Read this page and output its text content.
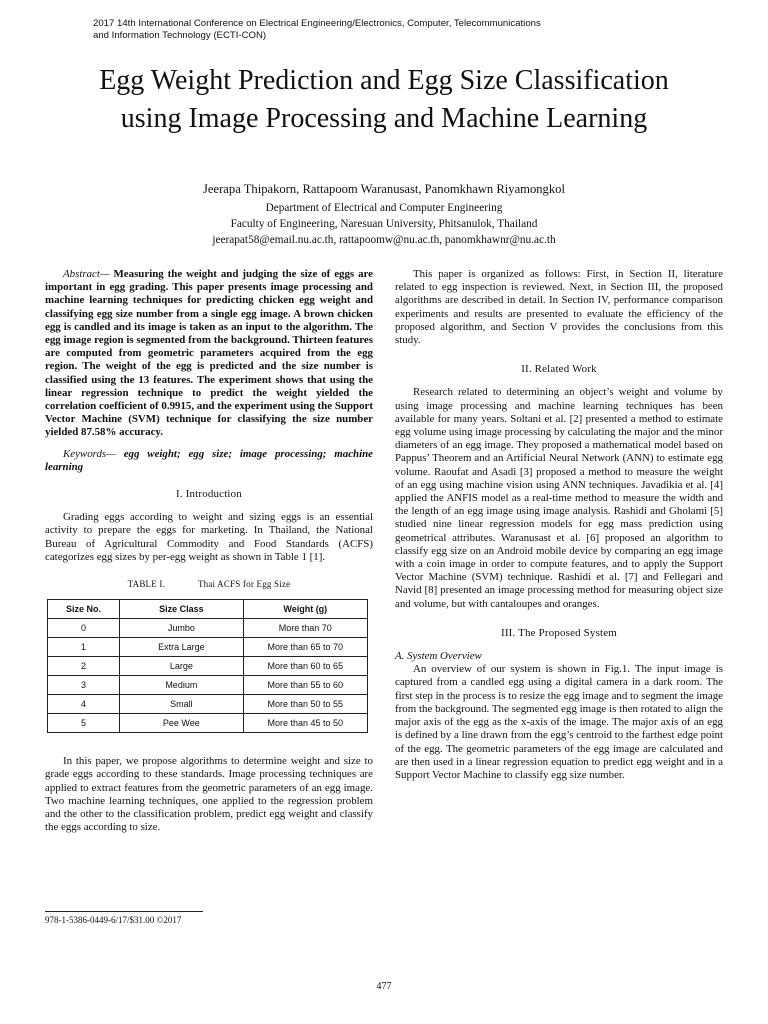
2017 14th International Conference on Electrical Engineering/Electronics, Computer, Telecommunications
and Information Technology (ECTI-CON)
Egg Weight Prediction and Egg Size Classification
using Image Processing and Machine Learning
Jeerapa Thipakorn, Rattapoom Waranusast, Panomkhawn Riyamongkol
Department of Electrical and Computer Engineering
Faculty of Engineering, Naresuan University, Phitsanulok, Thailand
jeerapat58@email.nu.ac.th, rattapoomw@nu.ac.th, panomkhawnr@nu.ac.th

Abstract— Measuring the weight and judging the size of eggs are important in egg grading. This paper presents image processing and machine learning techniques for predicting chicken egg weight and classifying egg size number from a single egg image. A brown chicken egg is candled and its image is taken as an input to the algorithm. The egg image region is segmented from the background. Thirteen features are computed from geometric parameters acquired from the egg region. The weight of the egg is predicted and the size number is classified using the 13 features. The experiment shows that using the linear regression technique to predict the weight yielded the correlation coefficient of 0.9915, and the experiment using the Support Vector Machine (SVM) technique for classifying the size number yielded 87.58% accuracy.

Keywords— egg weight; egg size; image processing; machine learning

I. Introduction

Grading eggs according to weight and sizing eggs is an essential activity to prepare the eggs for marketing. In Thailand, the National Bureau of Agricultural Commodity and Food Standards (ACFS) categorizes egg sizes by per-egg weight as shown in Table 1 [1].

TABLE I.	Thai ACFS for Egg Size
Size No.	Size Class	Weight (g)
0	Jumbo	More than 70
1	Extra Large	More than 65 to 70
2	Large	More than 60 to 65
3	Medium	More than 55 to 60
4	Small	More than 50 to 55
5	Pee Wee	More than 45 to 50

In this paper, we propose algorithms to determine weight and size to grade eggs according to these standards. Image processing techniques are applied to extract features from the geometric parameters of an egg image. Two machine learning techniques, one applied to the regression problem and the other to the classification problem, predict egg weight and classify the eggs according to size.

This paper is organized as follows: First, in Section II, literature related to egg inspection is reviewed. Next, in Section III, the proposed algorithms are described in detail. In Section IV, performance comparison experiments and results are presented to evaluate the efficiency of the proposed algorithm, and Section V provides the conclusions from this study.

II. Related Work

Research related to determining an object’s weight and volume by using image processing and machine learning techniques has been available for many years. Soltani et al. [2] presented a method to estimate egg volume using image processing by calculating the major and the minor diameters of an egg image. They proposed a mathematical model based on Pappus’ Theorem and an Artificial Neural Network (ANN) to estimate egg volume. Raoufat and Asadi [3] proposed a method to measure the weight of an egg using machine vision using ANN techniques. Javadikia et al. [4] applied the ANFIS model as a real-time method to measure the width and the length of an egg image using image analysis. Rashidi and Gholami [5] studied nine linear regression models for egg mass prediction using geometrical attributes. Waranusast et al. [6] proposed an algorithm to classify egg size on an Android mobile device by comparing an egg image with a coin image in order to compute features, and to apply the Support Vector Machine (SVM) technique. Rashidi et al. [7] and Fellegari and Navid [8] presented an image processing method for measuring object size and volume, but with cantaloupes and oranges.

III. The Proposed System

A. System Overview

An overview of our system is shown in Fig.1. The input image is captured from a candled egg using a digital camera in a dark room. The first step in the process is to resize the egg image and to segment the image from the background. The segmented egg image is then rotated to align the major axis of the egg as the x-axis of the image. The major axis of an egg is defined by a line drawn from the egg’s centroid to the farthest edge point of the egg. The geometric parameters of the egg image are calculated and are then used in a linear regression equation to predict egg weight and in a Support Vector Machine to classify egg size number.

978-1-5386-0449-6/17/$31.00 ©2017
477
